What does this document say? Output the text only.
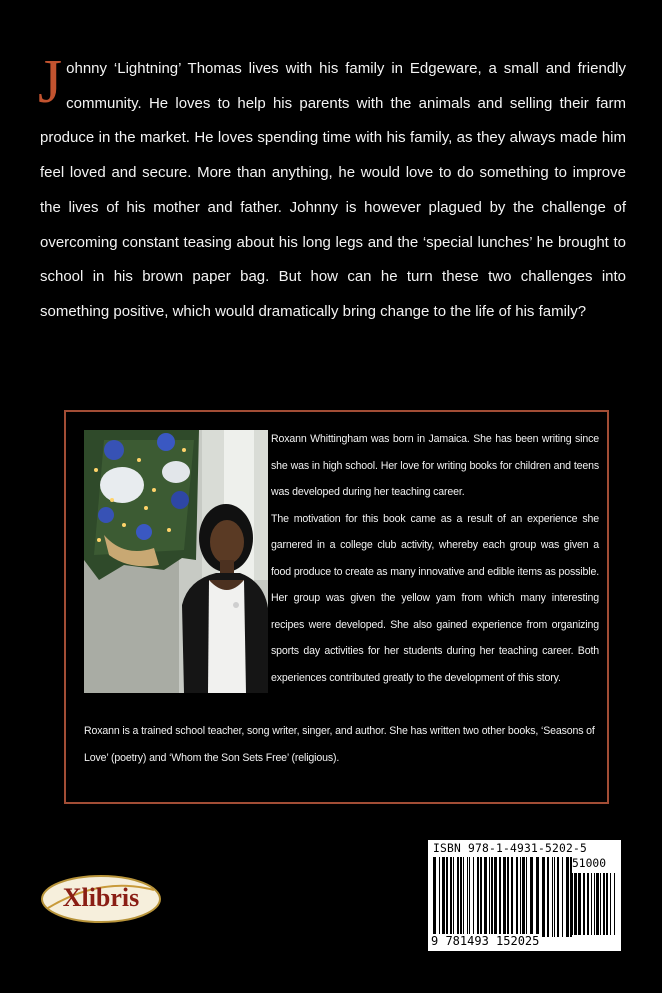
Johnny ‘Lightning’ Thomas lives with his family in Edgeware, a small and friendly community. He loves to help his parents with the animals and selling their farm produce in the market. He loves spending time with his family, as they always made him feel loved and secure. More than anything, he would love to do something to improve the lives of his mother and father. Johnny is however plagued by the challenge of overcoming constant teasing about his long legs and the ‘special lunches’ he brought to school in his brown paper bag. But how can he turn these two challenges into something positive, which would dramatically bring change to the life of his family?

Roxann Whittingham was born in Jamaica. She has been writing since she was in high school. Her love for writing books for children and teens was developed during her teaching career.

The motivation for this book came as a result of an experience she garnered in a college club activity, whereby each group was given a food produce to create as many innovative and edible items as possible. Her group was given the yellow yam from which many interesting recipes were developed. She also gained experience from organizing sports day activities for her students during her teaching career. Both experiences contributed greatly to the development of this story.

Roxann is a trained school teacher, song writer, singer, and author. She has written two other books, ‘Seasons of Love’ (poetry) and ‘Whom the Son Sets Free’ (religious).

Xlibris
ISBN 978-1-4931-5202-5
51000
9 781493 152025
